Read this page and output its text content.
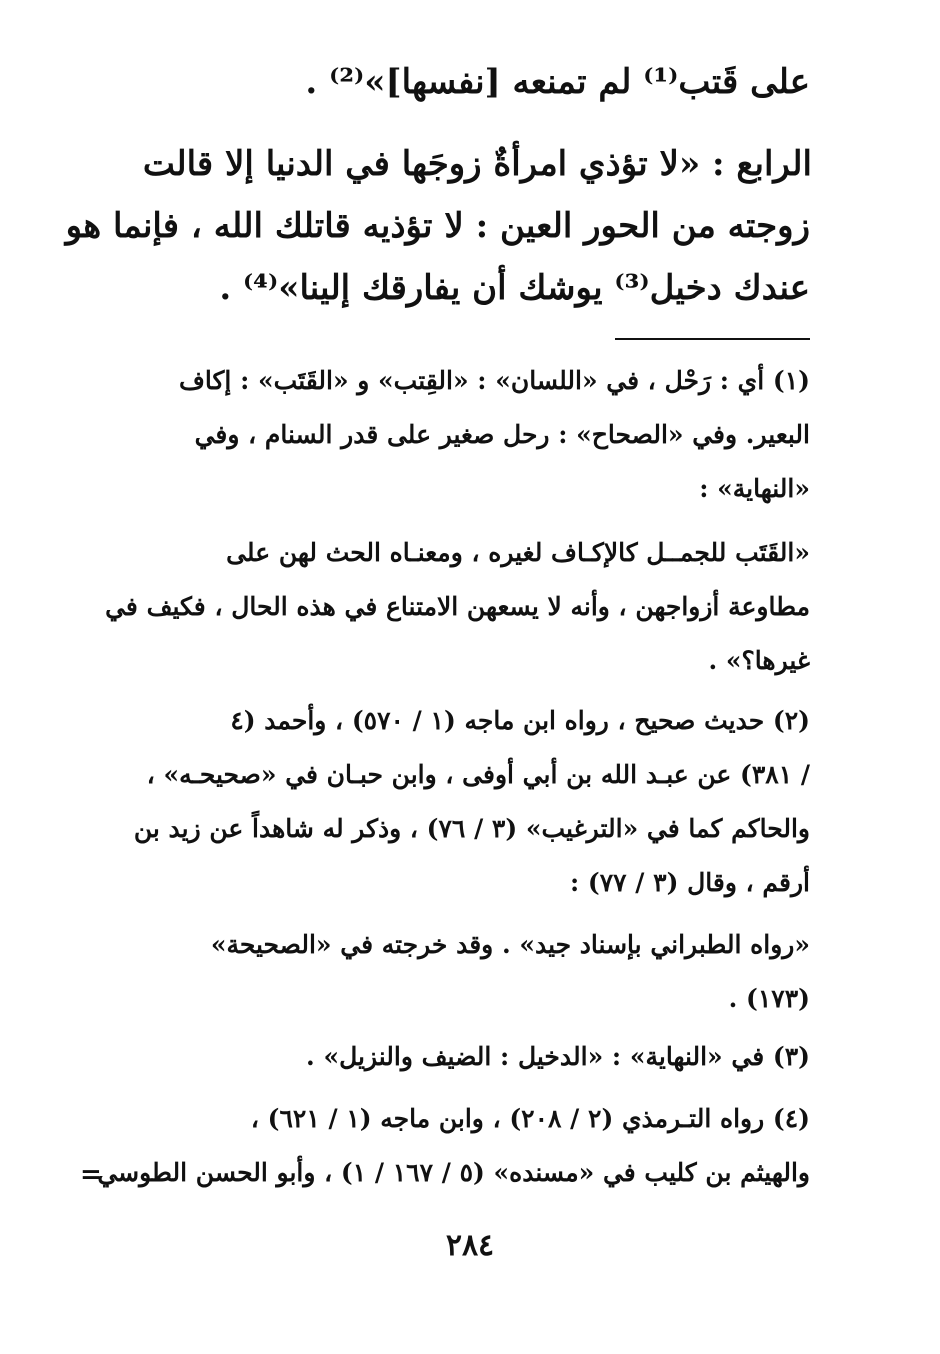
على قَتب⁽¹⁾ لم تمنعه [نفسها]»⁽²⁾ .
الرابع : «لا تؤذي امرأةٌ زوجَها في الدنيا إلا قالت
زوجته من الحور العين : لا تؤذيه قاتلك الله ، فإنما هو
عندك دخيل⁽³⁾ يوشك أن يفارقك إلينا»⁽⁴⁾ .
(١) أي : رَحْل ، في «اللسان» : «القِتب» و «القَتَب» : إكاف
البعير. وفي «الصحاح» : رحل صغير على قدر السنام ، وفي
«النهاية» :
«القَتَب للجمــل كالإكـاف لغيره ، ومعنـاه الحث لهن على
مطاوعة أزواجهن ، وأنه لا يسعهن الامتناع في هذه الحال ، فكيف في
غيرها؟» .
(٢) حديث صحيح ، رواه ابن ماجه (١ / ٥٧٠) ، وأحمد (٤
/ ٣٨١) عن عبـد الله بن أبي أوفى ، وابن حبـان في «صحيحـه» ،
والحاكم كما في «الترغيب» (٣ / ٧٦) ، وذكر له شاهداً عن زيد بن
أرقم ، وقال (٣ / ٧٧) :
«رواه الطبراني بإسناد جيد» . وقد خرجته في «الصحيحة»
(١٧٣) .
(٣) في «النهاية» : «الدخيل : الضيف والنزيل» .
(٤) رواه التـرمذي (٢ / ٢٠٨) ، وابن ماجه (١ / ٦٢١) ،
والهيثم بن كليب في «مسنده» (٥ / ١٦٧ / ١) ، وأبو الحسن الطوسي
=
٢٨٤
